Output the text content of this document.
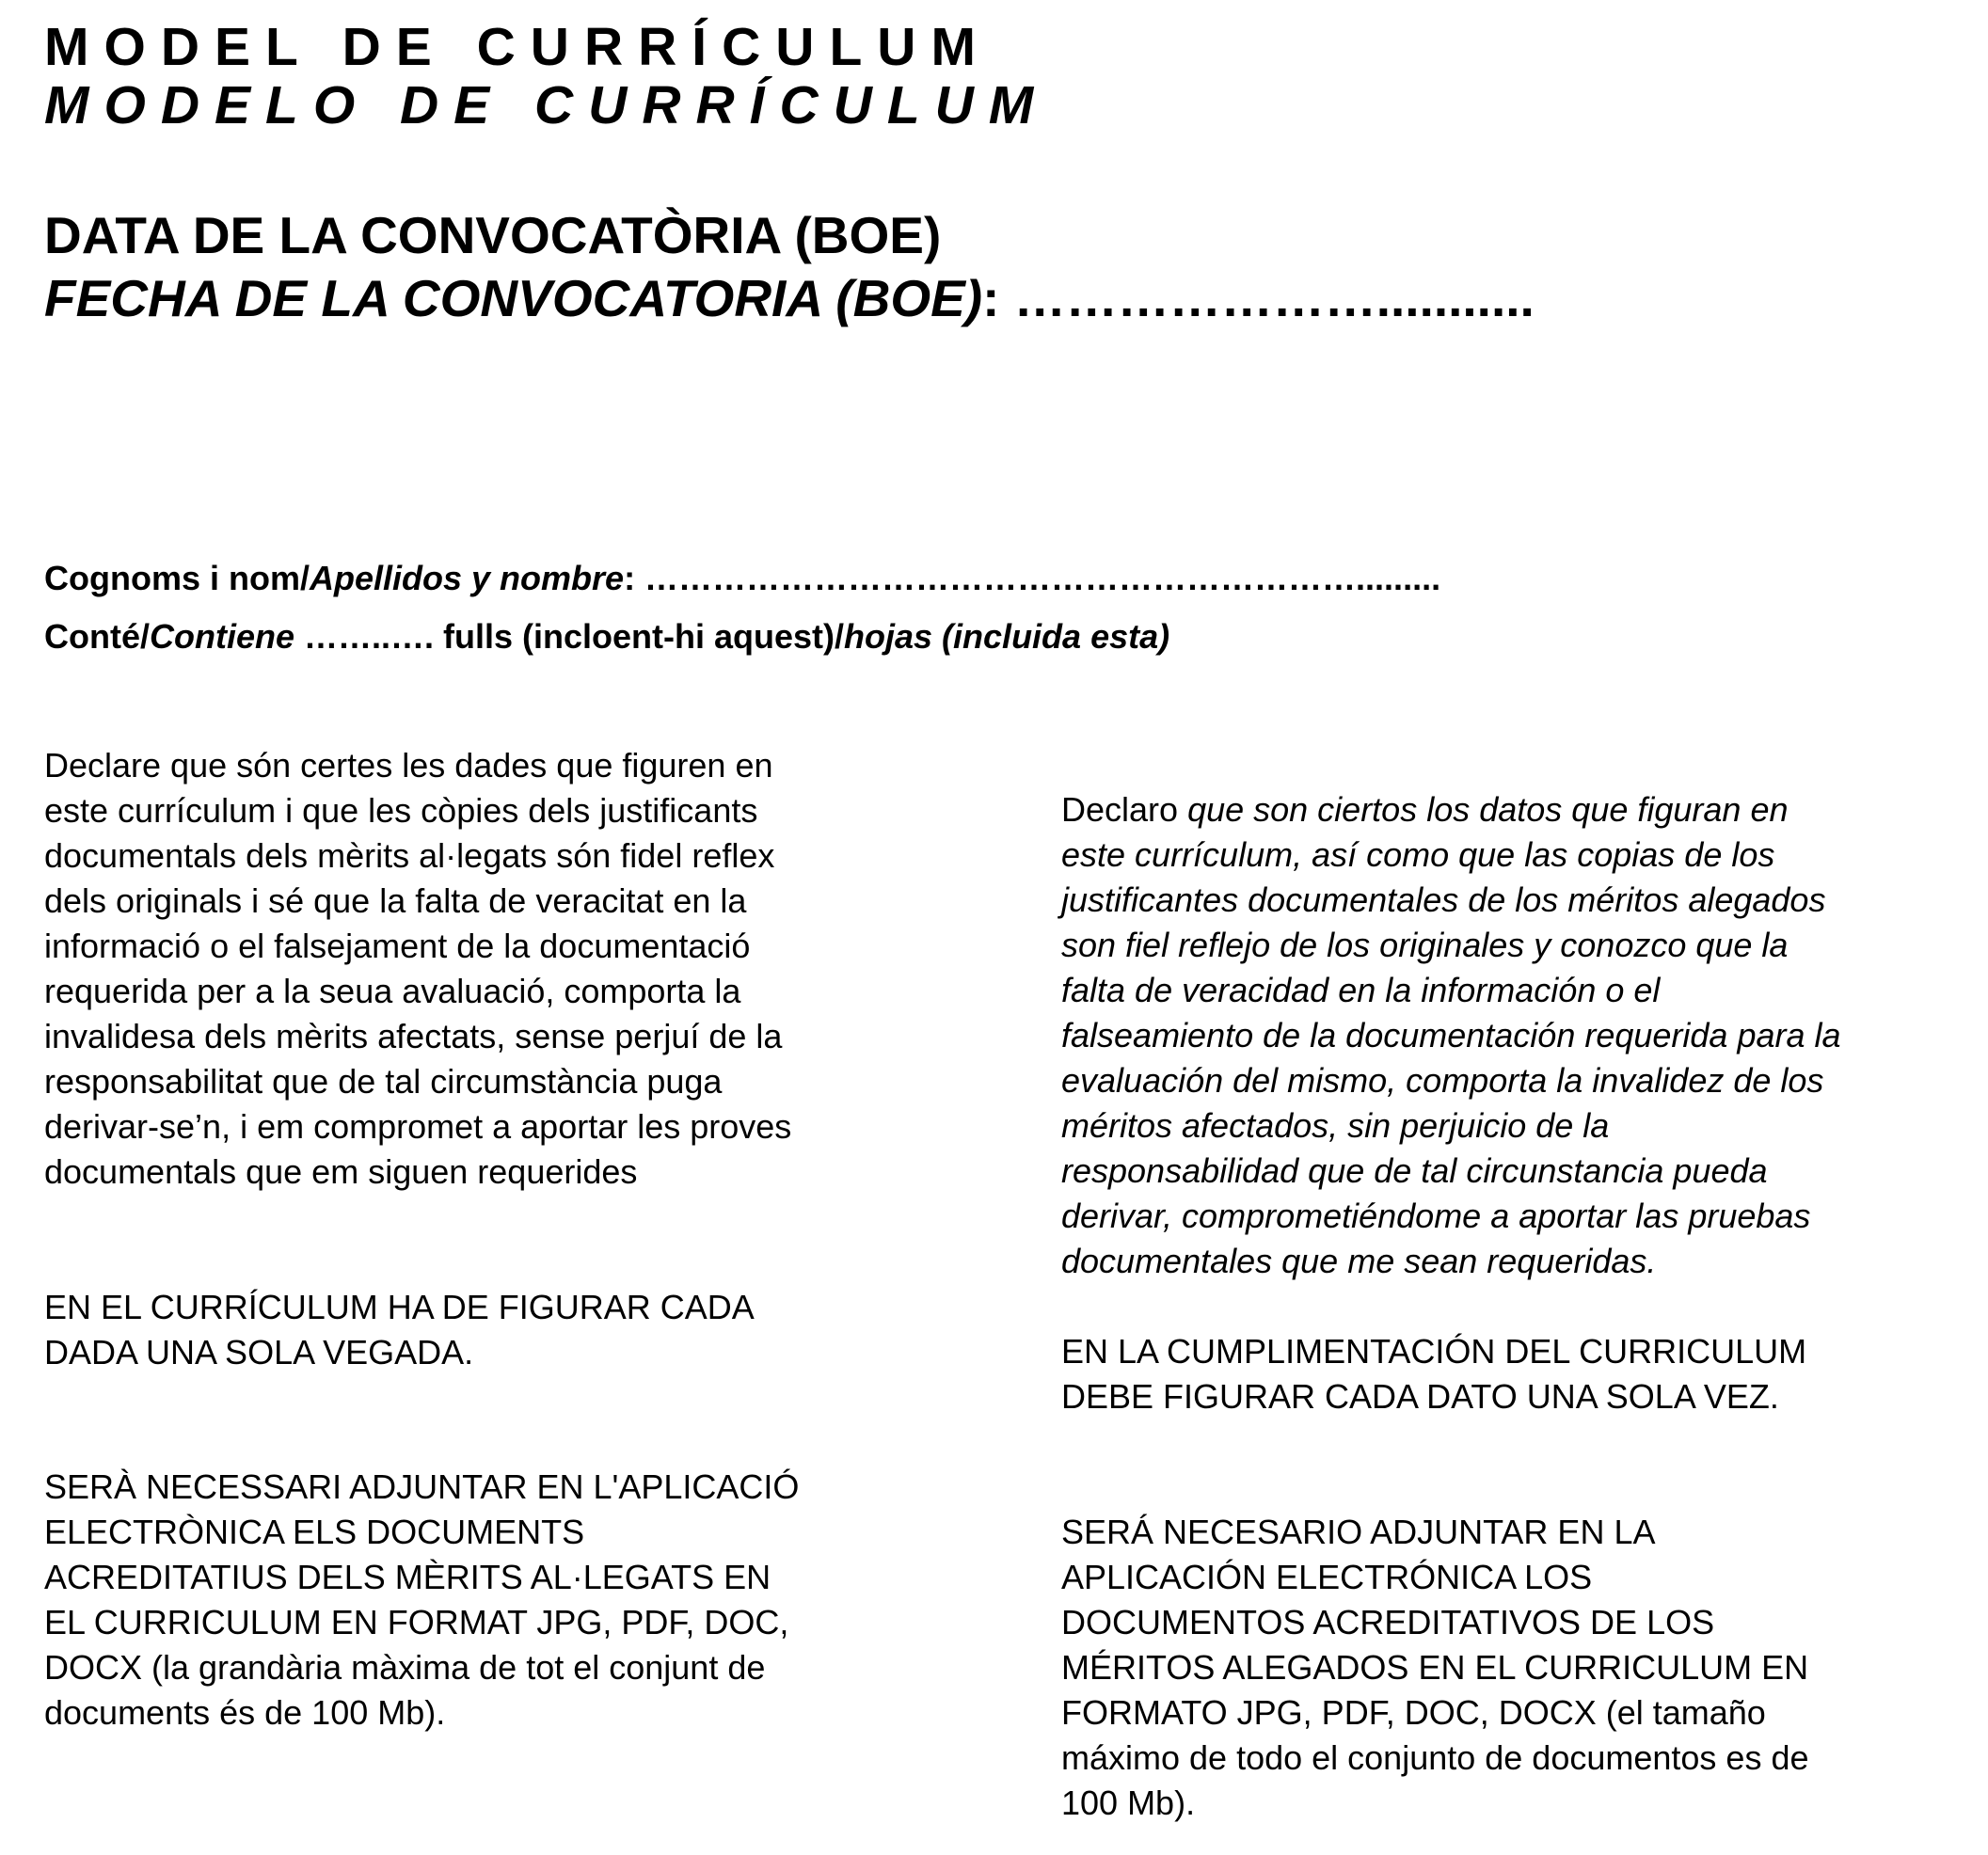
MODEL DE CURRÍCULUM
MODELO DE CURRÍCULUM
DATA DE LA CONVOCATÒRIA (BOE)
FECHA DE LA CONVOCATORIA (BOE): …………………...........
Cognoms i nom/Apellidos y nombre: ……………………………………………………….........
Conté/Contiene ……..…. fulls (incloent-hi aquest)/hojas (incluida esta)

Declare que són certes les dades que figuren en
este currículum i que les còpies dels justificants
documentals dels mèrits al·legats són fidel reflex
dels originals i sé que la falta de veracitat en la
informació o el falsejament de la documentació
requerida per a la seua avaluació, comporta la
invalidesa dels mèrits afectats, sense perjuí de la
responsabilitat que de tal circumstància puga
derivar-se’n, i em compromet a aportar les proves
documentals que em siguen requerides

EN EL CURRÍCULUM HA DE FIGURAR CADA
DADA UNA SOLA VEGADA.

SERÀ NECESSARI ADJUNTAR EN L'APLICACIÓ
ELECTRÒNICA ELS DOCUMENTS
ACREDITATIUS DELS MÈRITS AL·LEGATS EN
EL CURRICULUM EN FORMAT JPG, PDF, DOC,
DOCX (la grandària màxima de tot el conjunt de
documents és de 100 Mb).

Declaro que son ciertos los datos que figuran en
este currículum, así como que las copias de los
justificantes documentales de los méritos alegados
son fiel reflejo de los originales y conozco que la
falta de veracidad en la información o el
falseamiento de la documentación requerida para la
evaluación del mismo, comporta la invalidez de los
méritos afectados, sin perjuicio de la
responsabilidad que de tal circunstancia pueda
derivar, comprometiéndome a aportar las pruebas
documentales que me sean requeridas.

EN LA CUMPLIMENTACIÓN DEL CURRICULUM
DEBE FIGURAR CADA DATO UNA SOLA VEZ.

SERÁ NECESARIO ADJUNTAR EN LA
APLICACIÓN ELECTRÓNICA LOS
DOCUMENTOS ACREDITATIVOS DE LOS
MÉRITOS ALEGADOS EN EL CURRICULUM EN
FORMATO JPG, PDF, DOC, DOCX (el tamaño
máximo de todo el conjunto de documentos es de
100 Mb).
